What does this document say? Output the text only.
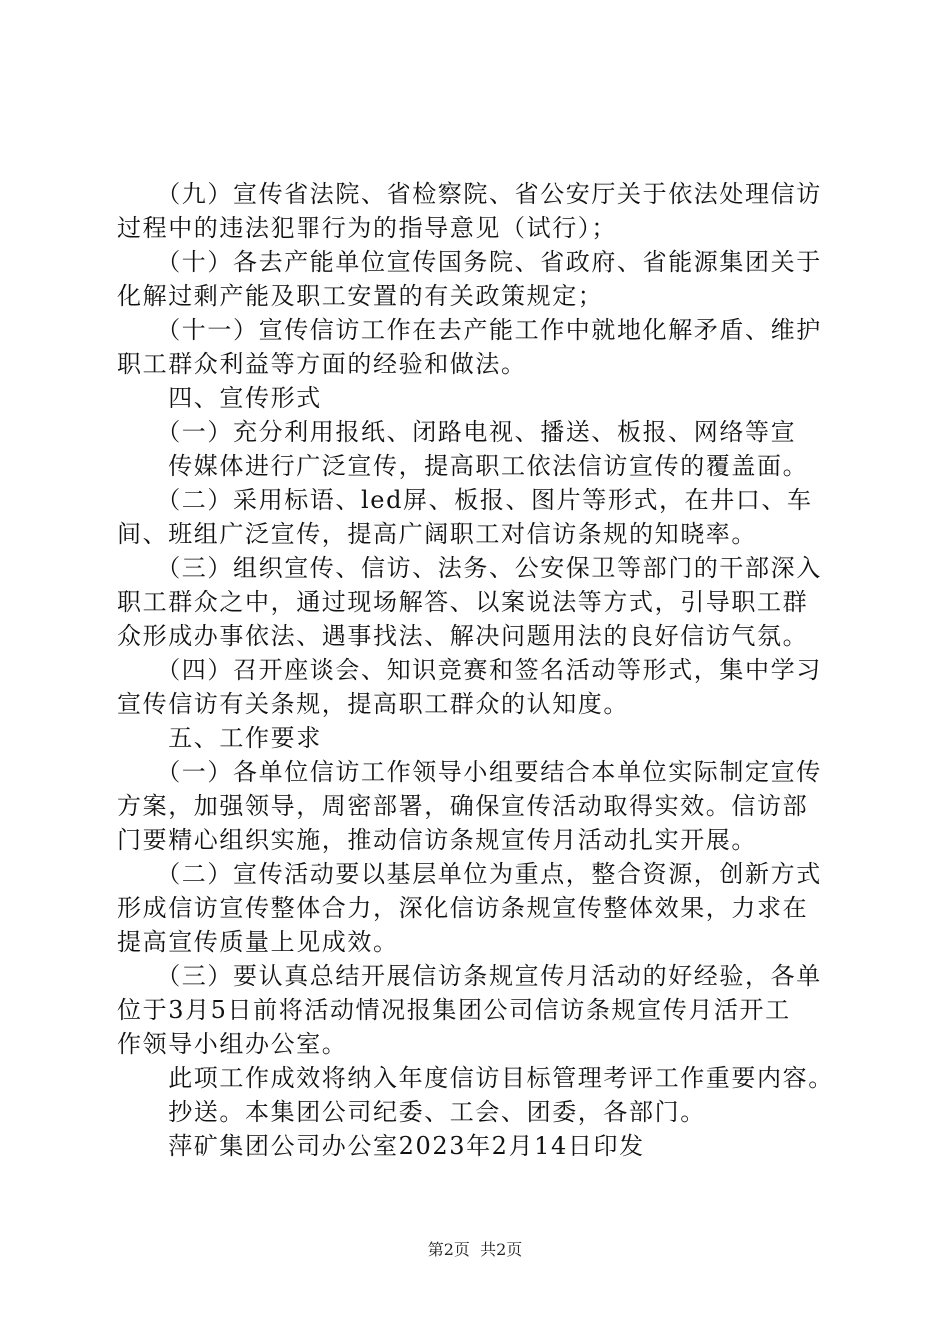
　　（九）宣传省法院、省检察院、省公安厅关于依法处理信访
过程中的违法犯罪行为的指导意见（试行）；
　　（十）各去产能单位宣传国务院、省政府、省能源集团关于
化解过剩产能及职工安置的有关政策规定；
　　（十一）宣传信访工作在去产能工作中就地化解矛盾、维护
职工群众利益等方面的经验和做法。
　　四、宣传形式
　　（一）充分利用报纸、闭路电视、播送、板报、网络等宣
　　传媒体进行广泛宣传，提高职工依法信访宣传的覆盖面。
　　（二）采用标语、led屏、板报、图片等形式，在井口、车
间、班组广泛宣传，提高广阔职工对信访条规的知晓率。
　　（三）组织宣传、信访、法务、公安保卫等部门的干部深入
职工群众之中，通过现场解答、以案说法等方式，引导职工群
众形成办事依法、遇事找法、解决问题用法的良好信访气氛。
　　（四）召开座谈会、知识竞赛和签名活动等形式，集中学习
宣传信访有关条规，提高职工群众的认知度。
　　五、工作要求
　　（一）各单位信访工作领导小组要结合本单位实际制定宣传
方案，加强领导，周密部署，确保宣传活动取得实效。信访部
门要精心组织实施，推动信访条规宣传月活动扎实开展。
　　（二）宣传活动要以基层单位为重点，整合资源，创新方式
形成信访宣传整体合力，深化信访条规宣传整体效果，力求在
提高宣传质量上见成效。
　　（三）要认真总结开展信访条规宣传月活动的好经验，各单
位于3月5日前将活动情况报集团公司信访条规宣传月活开工
作领导小组办公室。
　　此项工作成效将纳入年度信访目标管理考评工作重要内容。
　　抄送。本集团公司纪委、工会、团委，各部门。
　　萍矿集团公司办公室2023年2月14日印发
第2页  共2页
